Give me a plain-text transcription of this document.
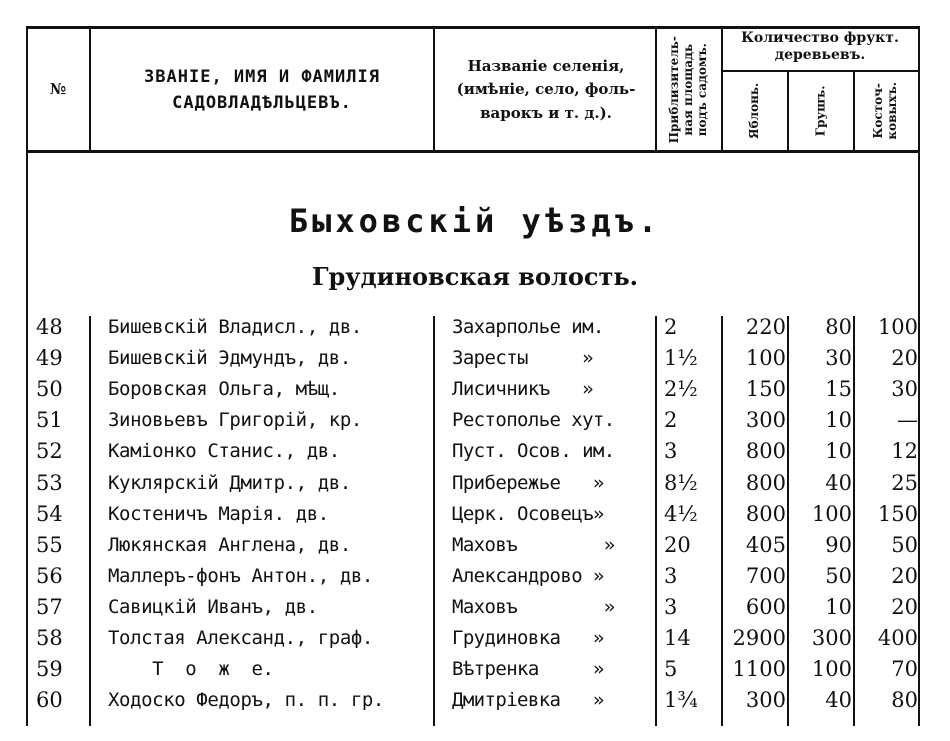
№
ЗВАНІЕ, ИМЯ И ФАМИЛІЯ
САДОВЛАДѢЛЬЦЕВЪ.
Названіе селенія,
(имѣніе, село, фоль-
варокъ и т. д.).	Приблизитель-
ная площадь
подъ садомъ.
Количество фрукт. деревьевъ.
Яблонь.	Грушъ.	Косточ-
ковыхъ.
Быховскій уѣздъ.
Грудиновская волость.
48	Бишевскій Владисл., дв.	Захарполье им.	2	220	80	100
49	Бишевскій Эдмундъ, дв.	Зaресты     »	1½	100	30	20
50	Боровская Ольга, мѣщ.	Лисичникъ   »	2½	150	15	30
51	Зиновьевъ Григорій, кр.	Рестополье хут.	2	300	10	—
52	Каміонко Станис., дв.	Пуст. Осов. им.	3	800	10	12
53	Куклярскій Дмитр., дв.	Прибережье   »	8½	800	40	25
54	Костеничъ Марія. дв.	Церк. Осовецъ»	4½	800	100	150
55	Люкянская Англена, дв.	Маховъ        »	20	405	90	50
56	Маллеръ-фонъ Антон., дв.	Александрово »	3	700	50	20
57	Савицкій Иванъ, дв.	Маховъ        »	3	600	10	20
58	Толстая Александ., граф.	Грудиновка   »	14	2900	300	400
59	Т  о  ж  е.	Вѣтренка     »	5	1100	100	70
60	Ходоско Федоръ, п. п. гр.	Дмитріевка   »	1¾	300	40	80
